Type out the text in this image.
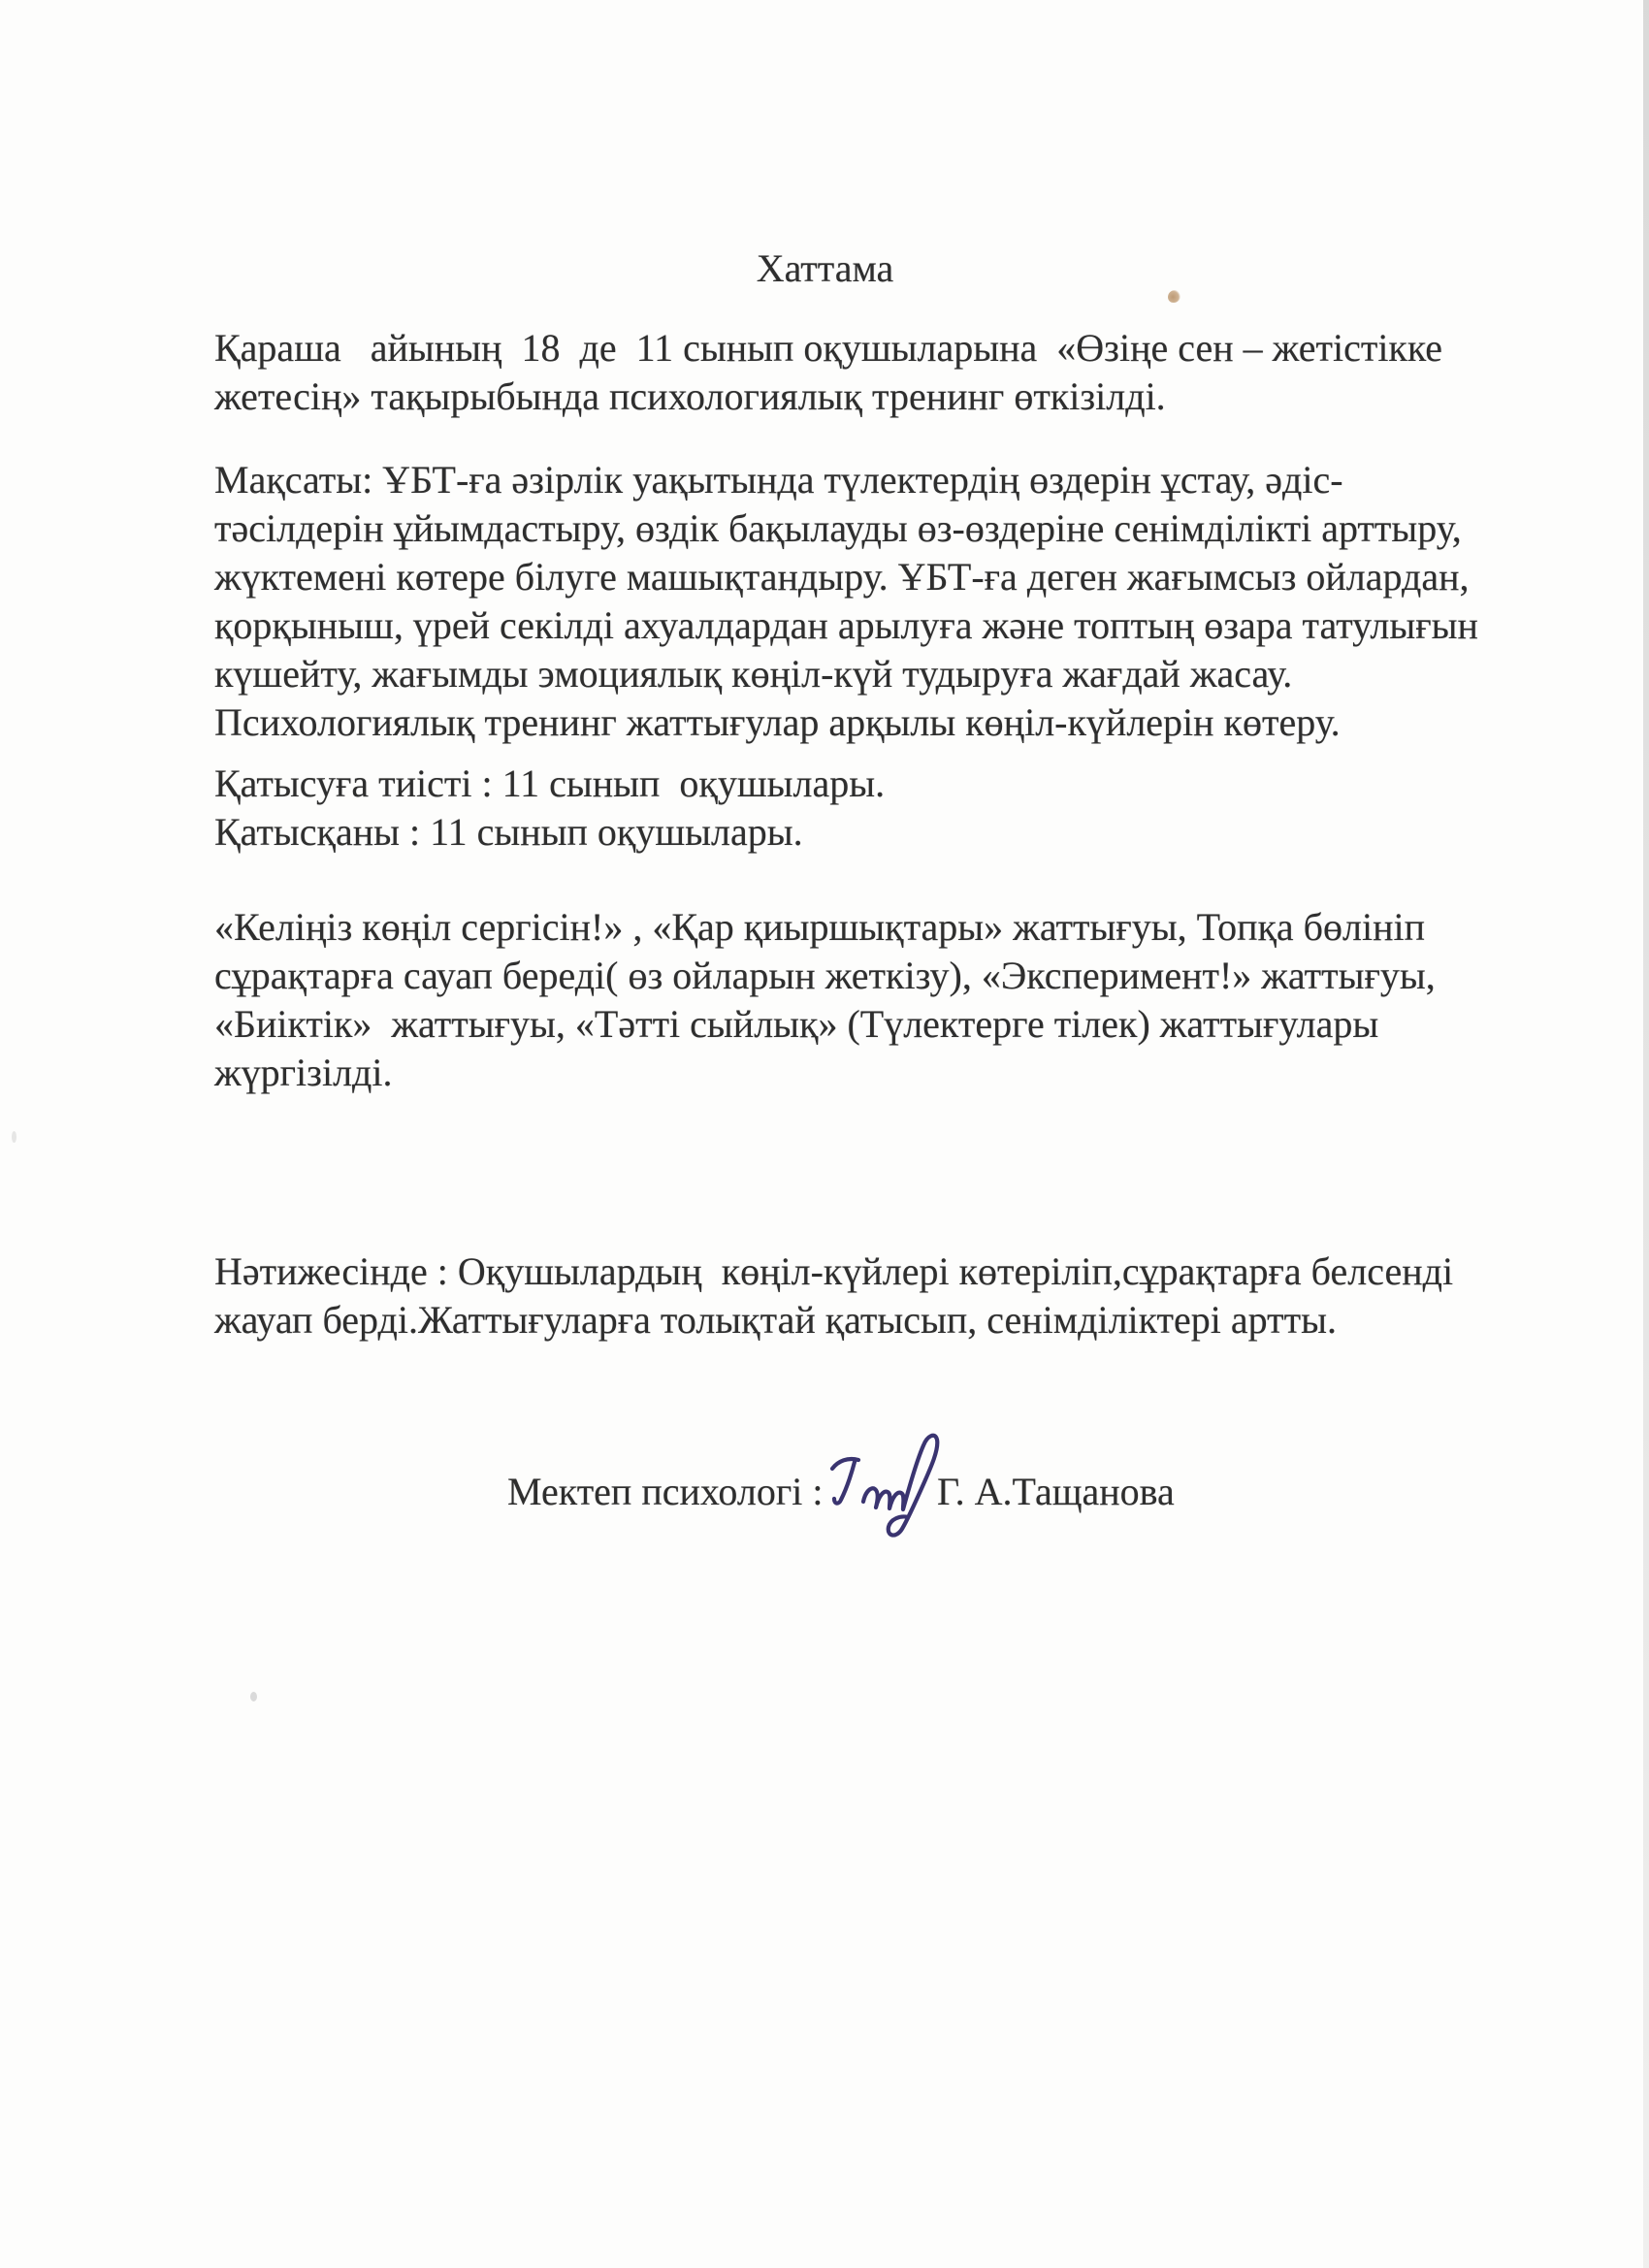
Хаттама
Қараша   айының  18  де  11 сынып оқушыларына  «Өзіңе сен – жетістікке
жетесің» тақырыбында психологиялық тренинг өткізілді.
Мақсаты: ҰБТ-ға әзірлік уақытында түлектердің өздерін ұстау, әдіс-
тәсілдерін ұйымдастыру, өздік бақылауды өз-өздеріне сенімділікті арттыру,
жүктемені көтере білуге машықтандыру. ҰБТ-ға деген жағымсыз ойлардан,
қорқыныш, үрей секілді ахуалдардан арылуға және топтың өзара татулығын
күшейту, жағымды эмоциялық көңіл-күй тудыруға жағдай жасау.
Психологиялық тренинг жаттығулар арқылы көңіл-күйлерін көтеру.
Қатысуға тиісті : 11 сынып  оқушылары.
Қатысқаны : 11 сынып оқушылары.
«Келіңіз көңіл сергісін!» , «Қар қиыршықтары» жаттығуы, Топқа бөлініп
сұрақтарға сауап береді( өз ойларын жеткізу), «Эксперимент!» жаттығуы,
«Биіктік»  жаттығуы, «Тәтті сыйлық» (Түлектерге тілек) жаттығулары
жүргізілді.
Нәтижесінде : Оқушылардың  көңіл-күйлері көтеріліп,сұрақтарға белсенді
жауап берді.Жаттығуларға толықтай қатысып, сенімділіктері артты.
Мектеп психологі :	Г. А.Тащанова
